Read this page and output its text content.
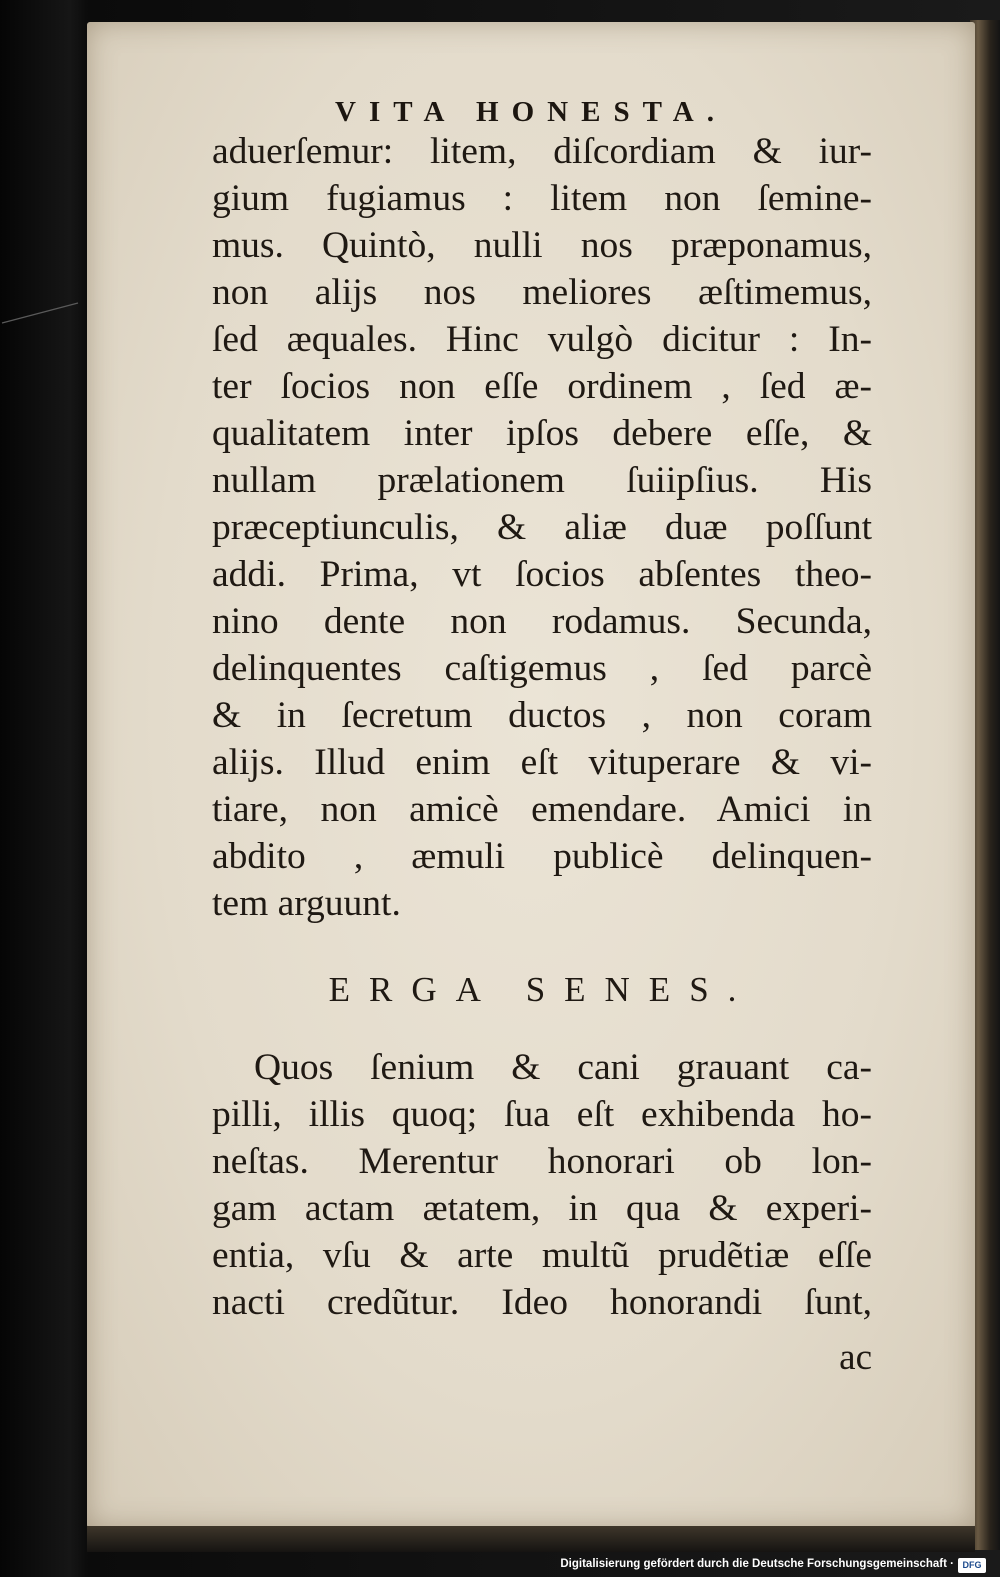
VITA HONESTA.
aduerſemur: litem, diſcordiam & iur-
gium fugiamus : litem non ſemine-
mus. Quintò, nulli nos præponamus,
non alijs nos meliores æſtimemus,
ſed æquales. Hinc vulgò dicitur : In-
ter ſocios non eſſe ordinem , ſed æ-
qualitatem inter ipſos debere eſſe, &
nullam prælationem ſuiipſius. His
præceptiunculis, & aliæ duæ poſſunt
addi. Prima, vt ſocios abſentes theo-
nino dente non rodamus. Secunda,
delinquentes caſtigemus , ſed parcè
& in ſecretum ductos , non coram
alijs. Illud enim eſt vituperare & vi-
tiare, non amicè emendare. Amici in
abdito , æmuli publicè delinquen-
tem arguunt.
ERGA SENES.
Quos ſenium & cani grauant ca-
pilli, illis quoq; ſua eſt exhibenda ho-
neſtas. Merentur honorari ob lon-
gam actam ætatem, in qua & experi-
entia, vſu & arte multũ prudẽtiæ eſſe
nacti credũtur. Ideo honorandi ſunt,
ac
Digitalisierung gefördert durch die Deutsche Forschungsgemeinschaft · DFG
